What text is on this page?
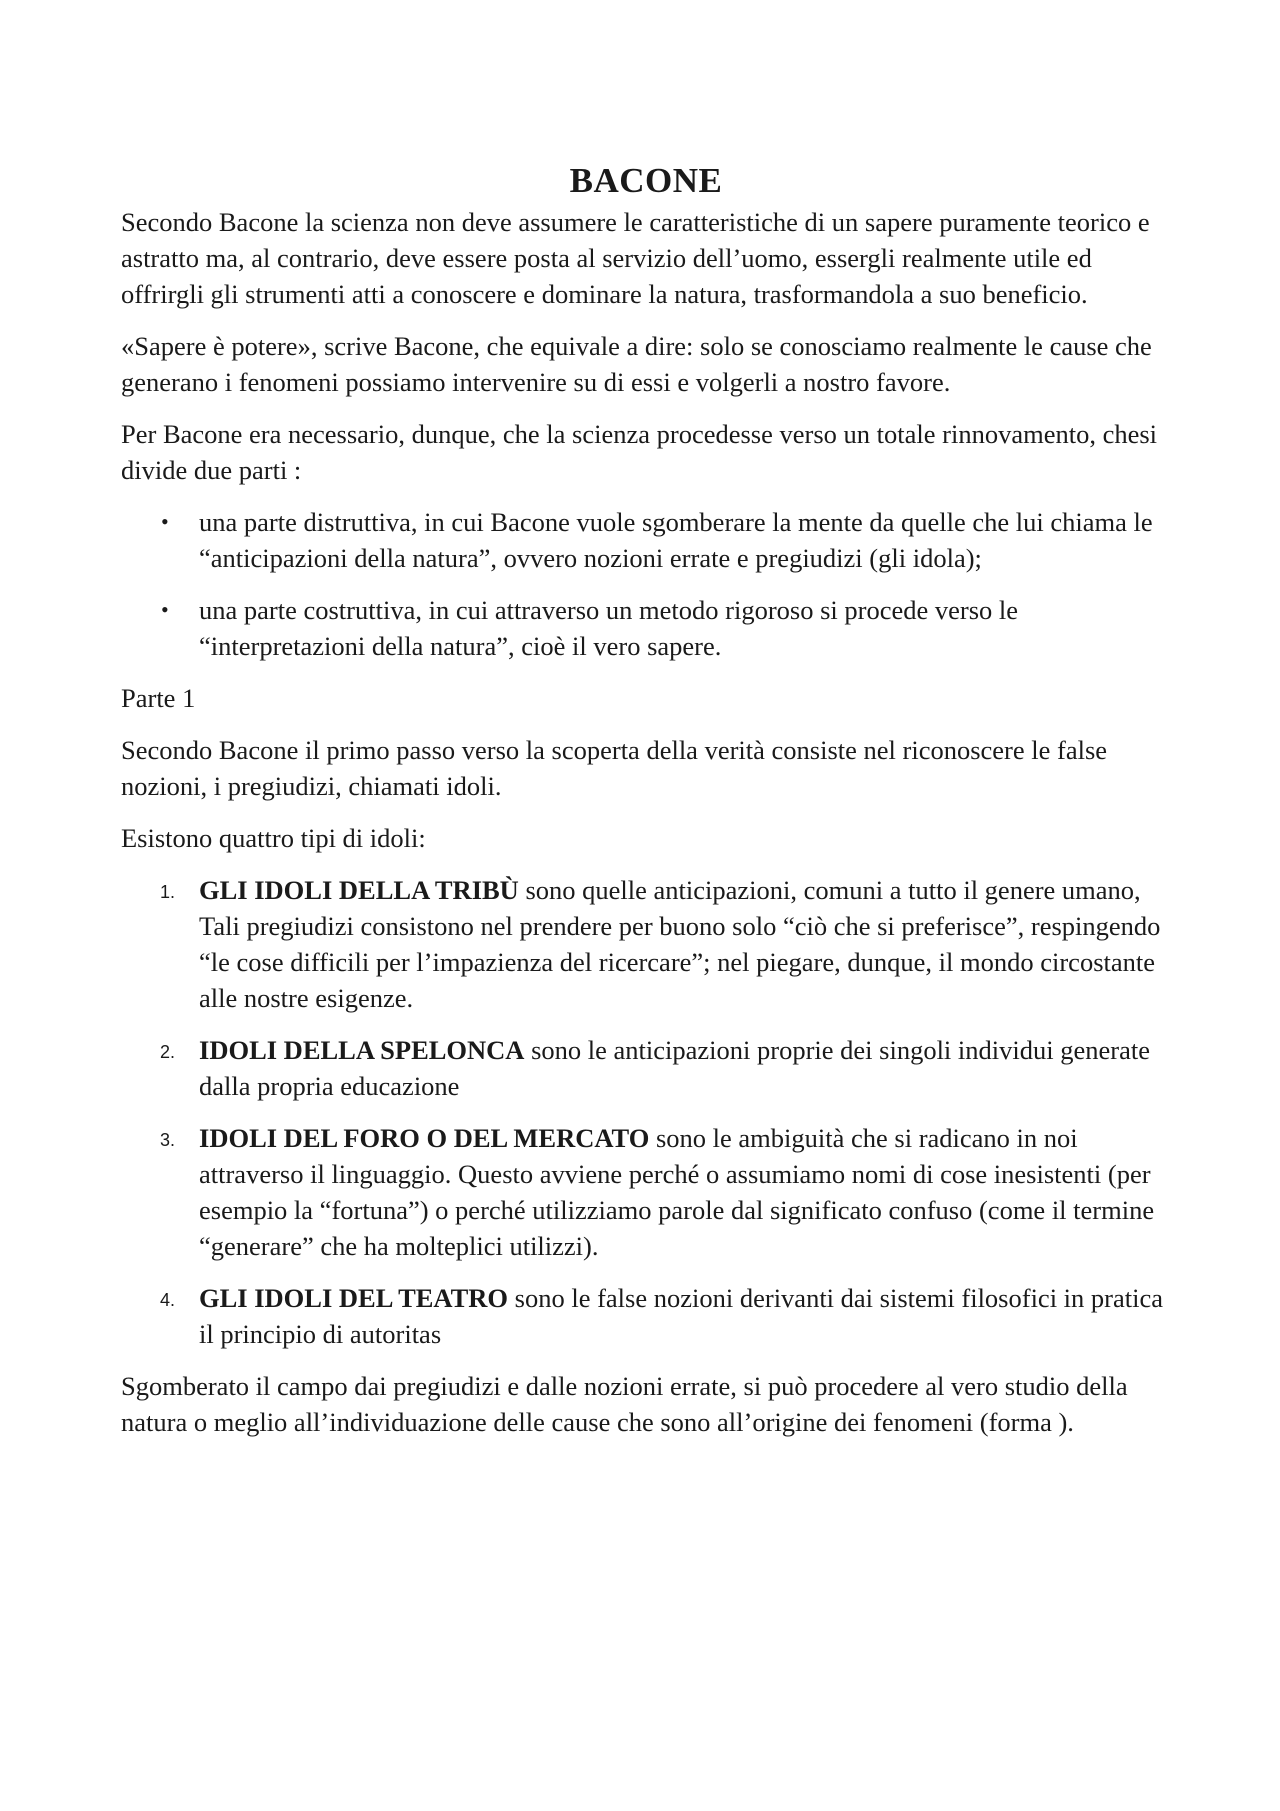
BACONE

Secondo Bacone la scienza non deve assumere le caratteristiche di un sapere puramente teorico e astratto ma, al contrario, deve essere posta al servizio dell’uomo, essergli realmente utile ed offrirgli gli strumenti atti a conoscere e dominare la natura, trasformandola a suo beneficio.

«Sapere è potere», scrive Bacone, che equivale a dire: solo se conosciamo realmente le cause che generano i fenomeni possiamo intervenire su di essi e volgerli a nostro favore.

Per Bacone era necessario, dunque, che la scienza procedesse verso un totale rinnovamento, chesi divide due parti :

• una parte distruttiva, in cui Bacone vuole sgomberare la mente da quelle che lui chiama le “anticipazioni della natura”, ovvero nozioni errate e pregiudizi (gli idola);
• una parte costruttiva, in cui attraverso un metodo rigoroso si procede verso le “interpretazioni della natura”, cioè il vero sapere.

Parte 1

Secondo Bacone il primo passo verso la scoperta della verità consiste nel riconoscere le false nozioni, i pregiudizi, chiamati idoli.

Esistono quattro tipi di idoli:

1. GLI IDOLI DELLA TRIBÙ sono quelle anticipazioni, comuni a tutto il genere umano, Tali pregiudizi consistono nel prendere per buono solo “ciò che si preferisce”, respingendo “le cose difficili per l’impazienza del ricercare”; nel piegare, dunque, il mondo circostante alle nostre esigenze.
2. IDOLI DELLA SPELONCA sono le anticipazioni proprie dei singoli individui generate dalla propria educazione
3. IDOLI DEL FORO O DEL MERCATO sono le ambiguità che si radicano in noi attraverso il linguaggio. Questo avviene perché o assumiamo nomi di cose inesistenti (per esempio la “fortuna”) o perché utilizziamo parole dal significato confuso (come il termine “generare” che ha molteplici utilizzi).
4. GLI IDOLI DEL TEATRO sono le false nozioni derivanti dai sistemi filosofici in pratica il principio di autoritas

Sgomberato il campo dai pregiudizi e dalle nozioni errate, si può procedere al vero studio della natura o meglio all’individuazione delle cause che sono all’origine dei fenomeni (forma ).
